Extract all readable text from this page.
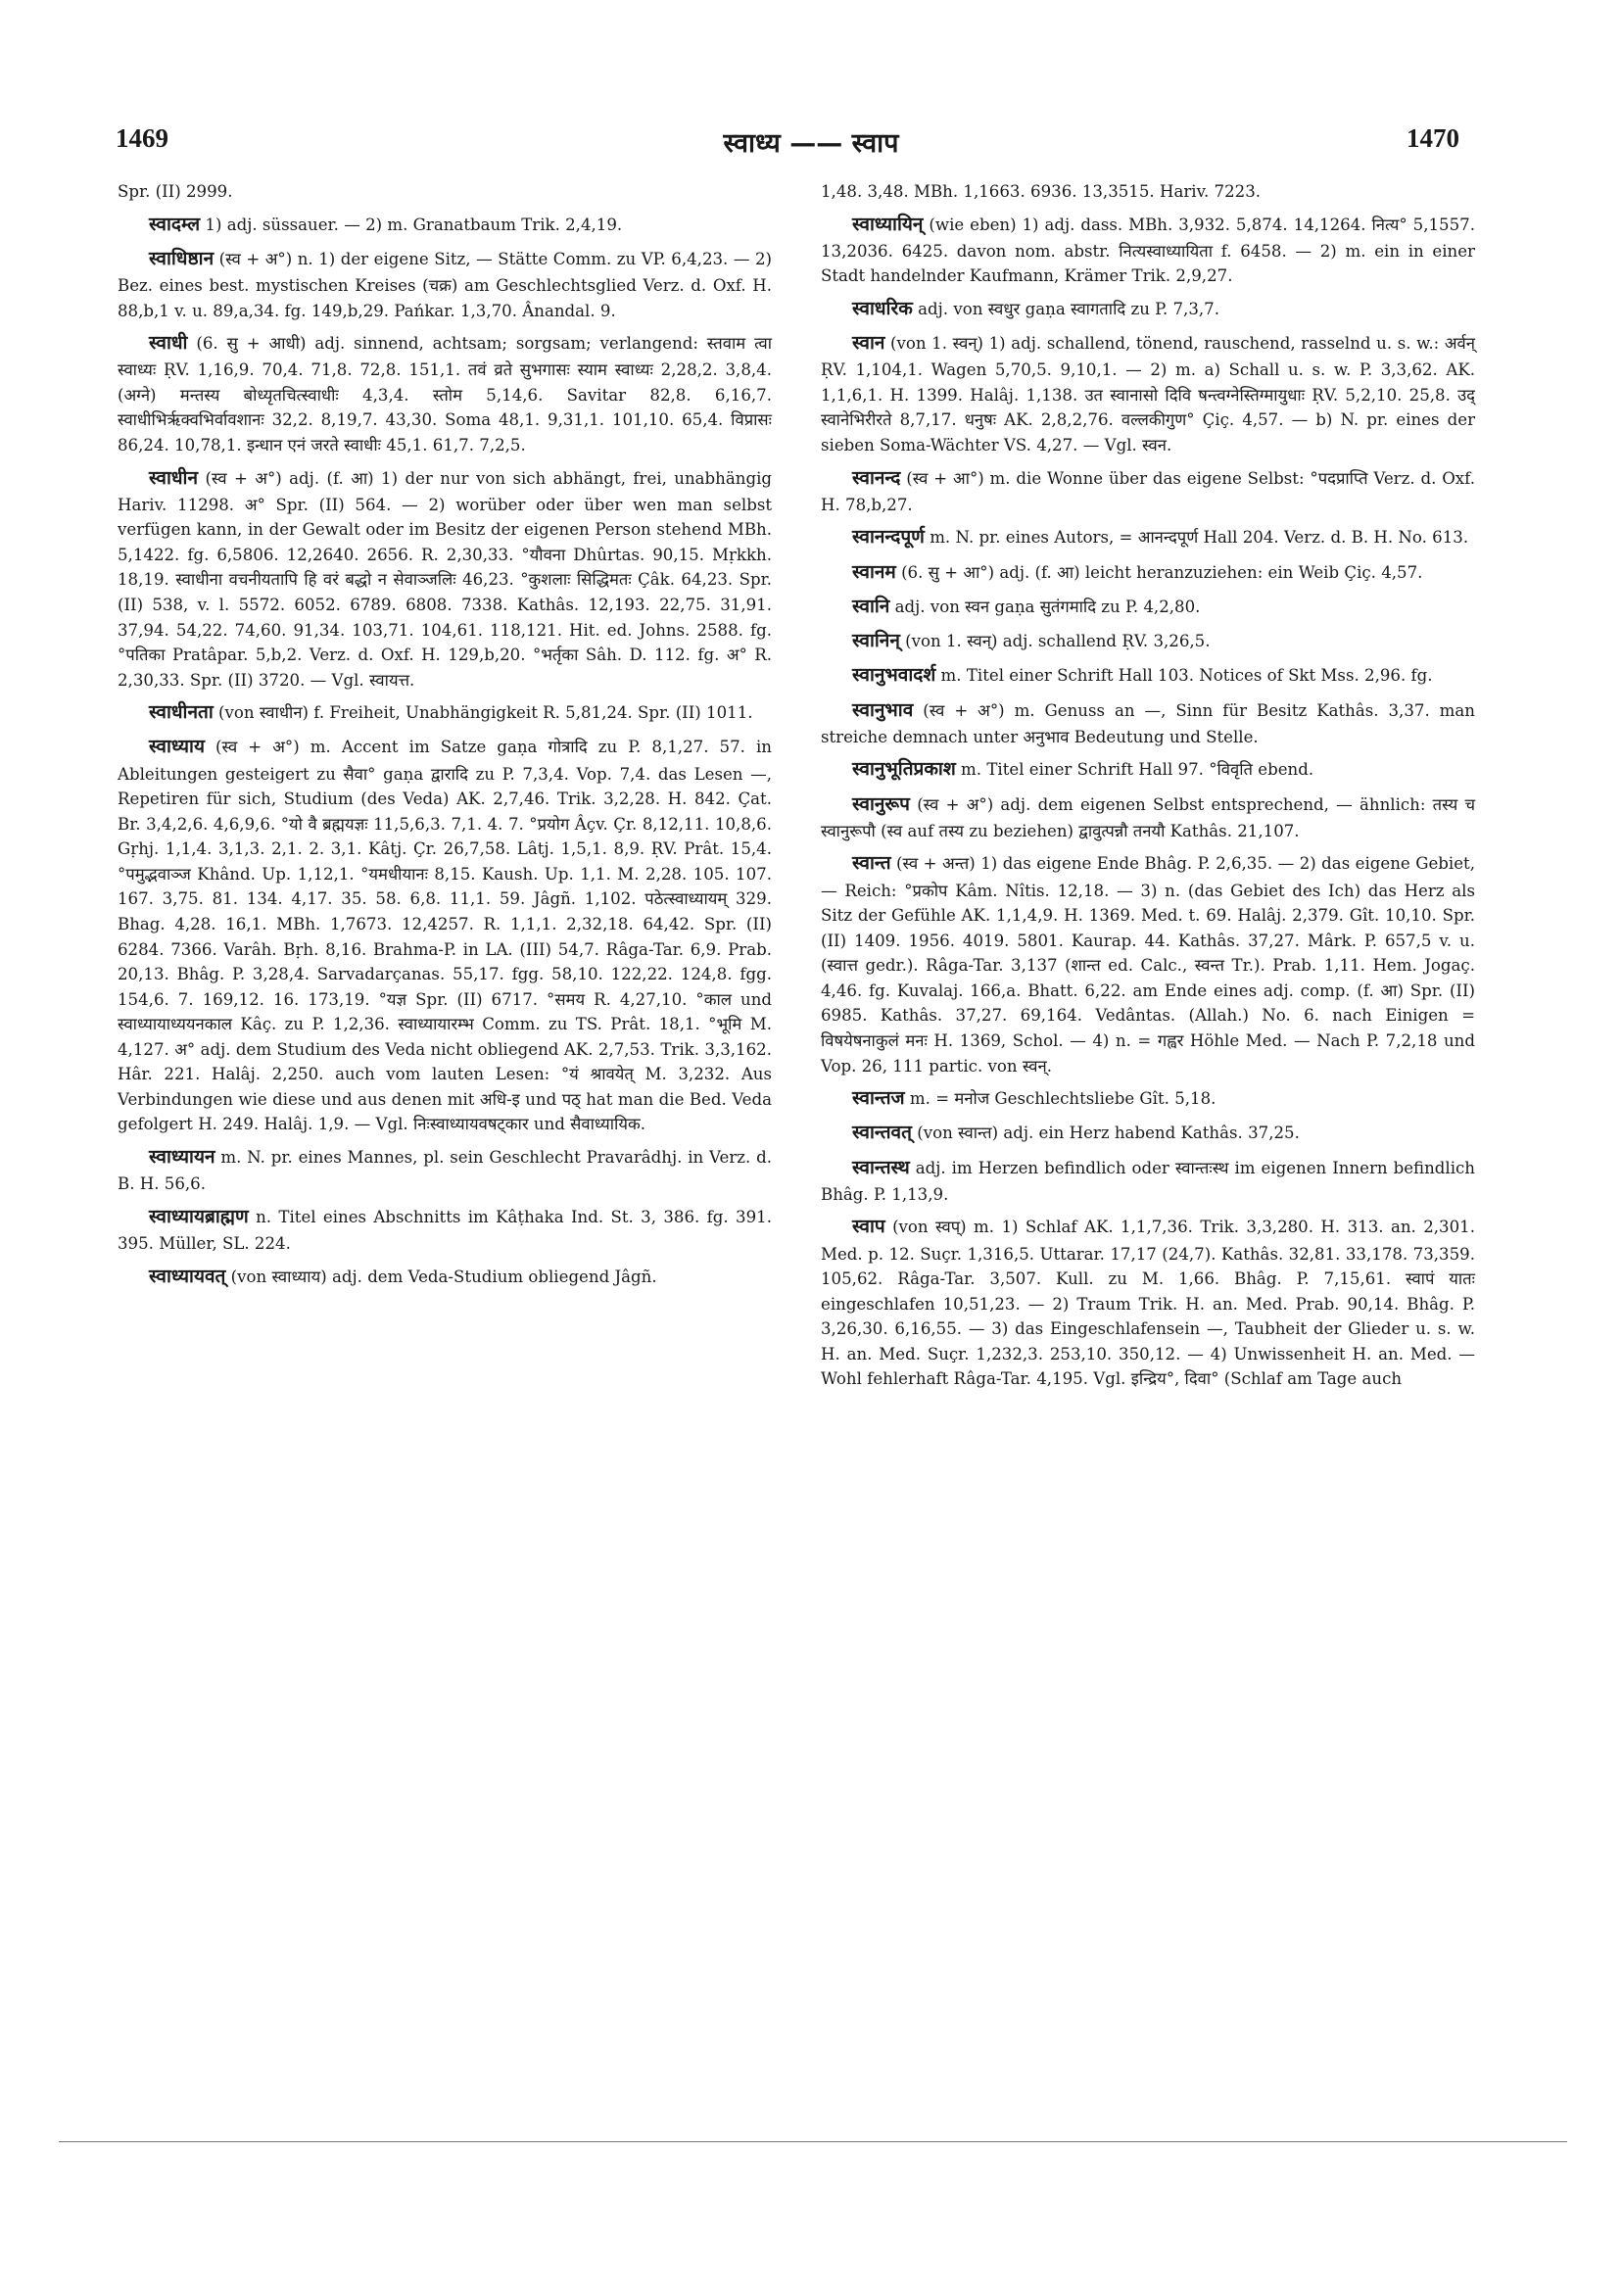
1469	स्वाध्य —— स्वाप	1470

Spr. (II) 2999.

स्वादम्ल 1) adj. süssauer. — 2) m. Granatbaum Trik. 2,4,19.

स्वाधिष्ठान (स्व + अ°) n. 1) der eigene Sitz, — Stätte Comm. zu VP. 6,4,23. — 2) Bez. eines best. mystischen Kreises (चक्र) am Geschlechtsglied Verz. d. Oxf. H. 88,b,1 v. u. 89,a,34. fg. 149,b,29. Pańkar. 1,3,70. Ânandal. 9.

स्वाधी (6. सु + आधी) adj. sinnend, achtsam; sorgsam; verlangend: स्तवाम त्वा स्वाध्यः ṚV. 1,16,9. 70,4. 71,8. 72,8. 151,1. तवं व्रते सुभगासः स्याम स्वाध्यः 2,28,2. 3,8,4. (अग्ने) मन्तस्य बोध्यृतचित्स्वाधीः 4,3,4. स्तोम 5,14,6. Savitar 82,8. 6,16,7. स्वाधीभिर्ऋक्वभिर्वावशानः 32,2. 8,19,7. 43,30. Soma 48,1. 9,31,1. 101,10. 65,4. विप्रासः 86,24. 10,78,1. इन्धान एनं जरते स्वाधीः 45,1. 61,7. 7,2,5.

स्वाधीन (स्व + अ°) adj. (f. आ) 1) der nur von sich abhängt, frei, unabhängig Hariv. 11298. अ° Spr. (II) 564. — 2) worüber oder über wen man selbst verfügen kann, in der Gewalt oder im Besitz der eigenen Person stehend MBh. 5,1422. fg. 6,5806. 12,2640. 2656. R. 2,30,33. °यौवना Dhûrtas. 90,15. Mṛkkh. 18,19. स्वाधीना वचनीयतापि हि वरं बद्धो न सेवाञ्जलिः 46,23. °कुशलाः सिद्धिमतः Çâk. 64,23. Spr. (II) 538, v. l. 5572. 6052. 6789. 6808. 7338. Kathâs. 12,193. 22,75. 31,91. 37,94. 54,22. 74,60. 91,34. 103,71. 104,61. 118,121. Hit. ed. Johns. 2588. fg. °पतिका Pratâpar. 5,b,2. Verz. d. Oxf. H. 129,b,20. °भर्तृका Sâh. D. 112. fg. अ° R. 2,30,33. Spr. (II) 3720. — Vgl. स्वायत्त.

स्वाधीनता (von स्वाधीन) f. Freiheit, Unabhängigkeit R. 5,81,24. Spr. (II) 1011.

स्वाध्याय (स्व + अ°) m. Accent im Satze gaṇa गोत्रादि zu P. 8,1,27. 57. in Ableitungen gesteigert zu सैवा° gaṇa द्वारादि zu P. 7,3,4. Vop. 7,4. das Lesen —, Repetiren für sich, Studium (des Veda) AK. 2,7,46. Trik. 3,2,28. H. 842. Çat. Br. 3,4,2,6. 4,6,9,6. °यो वै ब्रह्मयज्ञः 11,5,6,3. 7,1. 4. 7. °प्रयोग Âçv. Çr. 8,12,11. 10,8,6. Gṛhj. 1,1,4. 3,1,3. 2,1. 2. 3,1. Kâtj. Çr. 26,7,58. Lâtj. 1,5,1. 8,9. ṚV. Prât. 15,4. °पमुद्भवाञ्ज Khând. Up. 1,12,1. °यमधीयानः 8,15. Kaush. Up. 1,1. M. 2,28. 105. 107. 167. 3,75. 81. 134. 4,17. 35. 58. 6,8. 11,1. 59. Jâgñ. 1,102. पठेत्स्वाध्यायम् 329. Bhag. 4,28. 16,1. MBh. 1,7673. 12,4257. R. 1,1,1. 2,32,18. 64,42. Spr. (II) 6284. 7366. Varâh. Bṛh. 8,16. Brahma-P. in LA. (III) 54,7. Râga-Tar. 6,9. Prab. 20,13. Bhâg. P. 3,28,4. Sarvadarçanas. 55,17. fgg. 58,10. 122,22. 124,8. fgg. 154,6. 7. 169,12. 16. 173,19. °यज्ञ Spr. (II) 6717. °समय R. 4,27,10. °काल und स्वाध्यायाध्ययनकाल Kâç. zu P. 1,2,36. स्वाध्यायारम्भ Comm. zu TS. Prât. 18,1. °भूमि M. 4,127. अ° adj. dem Studium des Veda nicht obliegend AK. 2,7,53. Trik. 3,3,162. Hâr. 221. Halâj. 2,250. auch vom lauten Lesen: °यं श्रावयेत् M. 3,232. Aus Verbindungen wie diese und aus denen mit अधि-इ und पठ् hat man die Bed. Veda gefolgert H. 249. Halâj. 1,9. — Vgl. निःस्वाध्यायवषट्कार und सैवाध्यायिक.

स्वाध्यायन m. N. pr. eines Mannes, pl. sein Geschlecht Pravarâdhj. in Verz. d. B. H. 56,6.

स्वाध्यायब्राह्मण n. Titel eines Abschnitts im Kâṭhaka Ind. St. 3, 386. fg. 391. 395. Müller, SL. 224.

स्वाध्यायवत् (von स्वाध्याय) adj. dem Veda-Studium obliegend Jâgñ.

1,48. 3,48. MBh. 1,1663. 6936. 13,3515. Hariv. 7223.

स्वाध्यायिन् (wie eben) 1) adj. dass. MBh. 3,932. 5,874. 14,1264. नित्य° 5,1557. 13,2036. 6425. davon nom. abstr. नित्यस्वाध्यायिता f. 6458. — 2) m. ein in einer Stadt handelnder Kaufmann, Krämer Trik. 2,9,27.

स्वाधरिक adj. von स्वधुर gaṇa स्वागतादि zu P. 7,3,7.

स्वान (von 1. स्वन्) 1) adj. schallend, tönend, rauschend, rasselnd u. s. w.: अर्वन् ṚV. 1,104,1. Wagen 5,70,5. 9,10,1. — 2) m. a) Schall u. s. w. P. 3,3,62. AK. 1,1,6,1. H. 1399. Halâj. 1,138. उत स्वानासो दिवि षन्त्वग्नेस्तिग्मायुधाः ṚV. 5,2,10. 25,8. उद्‌ स्वानेभिरीरते 8,7,17. धनुषः AK. 2,8,2,76. वल्लकीगुण° Çiç. 4,57. — b) N. pr. eines der sieben Soma-Wächter VS. 4,27. — Vgl. स्वन.

स्वानन्द (स्व + आ°) m. die Wonne über das eigene Selbst: °पदप्राप्ति Verz. d. Oxf. H. 78,b,27.

स्वानन्दपूर्ण m. N. pr. eines Autors, = आनन्दपूर्ण Hall 204. Verz. d. B. H. No. 613.

स्वानम (6. सु + आ°) adj. (f. आ) leicht heranzuziehen: ein Weib Çiç. 4,57.

स्वानि adj. von स्वन gaṇa सुतंगमादि zu P. 4,2,80.

स्वानिन् (von 1. स्वन्) adj. schallend ṚV. 3,26,5.

स्वानुभवादर्श m. Titel einer Schrift Hall 103. Notices of Skt Mss. 2,96. fg.

स्वानुभाव (स्व + अ°) m. Genuss an —, Sinn für Besitz Kathâs. 3,37. man streiche demnach unter अनुभाव Bedeutung und Stelle.

स्वानुभूतिप्रकाश m. Titel einer Schrift Hall 97. °विवृति ebend.

स्वानुरूप (स्व + अ°) adj. dem eigenen Selbst entsprechend, — ähnlich: तस्य च स्वानुरूपौ (स्व auf तस्य zu beziehen) द्वावुत्पन्नौ तनयौ Kathâs. 21,107.

स्वान्त (स्व + अन्त) 1) das eigene Ende Bhâg. P. 2,6,35. — 2) das eigene Gebiet, — Reich: °प्रकोप Kâm. Nîtis. 12,18. — 3) n. (das Gebiet des Ich) das Herz als Sitz der Gefühle AK. 1,1,4,9. H. 1369. Med. t. 69. Halâj. 2,379. Gît. 10,10. Spr. (II) 1409. 1956. 4019. 5801. Kaurap. 44. Kathâs. 37,27. Mârk. P. 657,5 v. u. (स्वात्त gedr.). Râga-Tar. 3,137 (शान्त ed. Calc., स्वन्त Tr.). Prab. 1,11. Hem. Jogaç. 4,46. fg. Kuvalaj. 166,a. Bhatt. 6,22. am Ende eines adj. comp. (f. आ) Spr. (II) 6985. Kathâs. 37,27. 69,164. Vedântas. (Allah.) No. 6. nach Einigen = विषयेषनाकुलं मनः H. 1369, Schol. — 4) n. = गह्वर Höhle Med. — Nach P. 7,2,18 und Vop. 26, 111 partic. von स्वन्.

स्वान्तज m. = मनोज Geschlechtsliebe Gît. 5,18.

स्वान्तवत् (von स्वान्त) adj. ein Herz habend Kathâs. 37,25.

स्वान्तस्थ adj. im Herzen befindlich oder स्वान्तःस्थ im eigenen Innern befindlich Bhâg. P. 1,13,9.

स्वाप (von स्वप्) m. 1) Schlaf AK. 1,1,7,36. Trik. 3,3,280. H. 313. an. 2,301. Med. p. 12. Suçr. 1,316,5. Uttarar. 17,17 (24,7). Kathâs. 32,81. 33,178. 73,359. 105,62. Râga-Tar. 3,507. Kull. zu M. 1,66. Bhâg. P. 7,15,61. स्वापं यातः eingeschlafen 10,51,23. — 2) Traum Trik. H. an. Med. Prab. 90,14. Bhâg. P. 3,26,30. 6,16,55. — 3) das Eingeschlafensein —, Taubheit der Glieder u. s. w. H. an. Med. Suçr. 1,232,3. 253,10. 350,12. — 4) Unwissenheit H. an. Med. — Wohl fehlerhaft Râga-Tar. 4,195. Vgl. इन्द्रिय°, दिवा° (Schlaf am Tage auch
